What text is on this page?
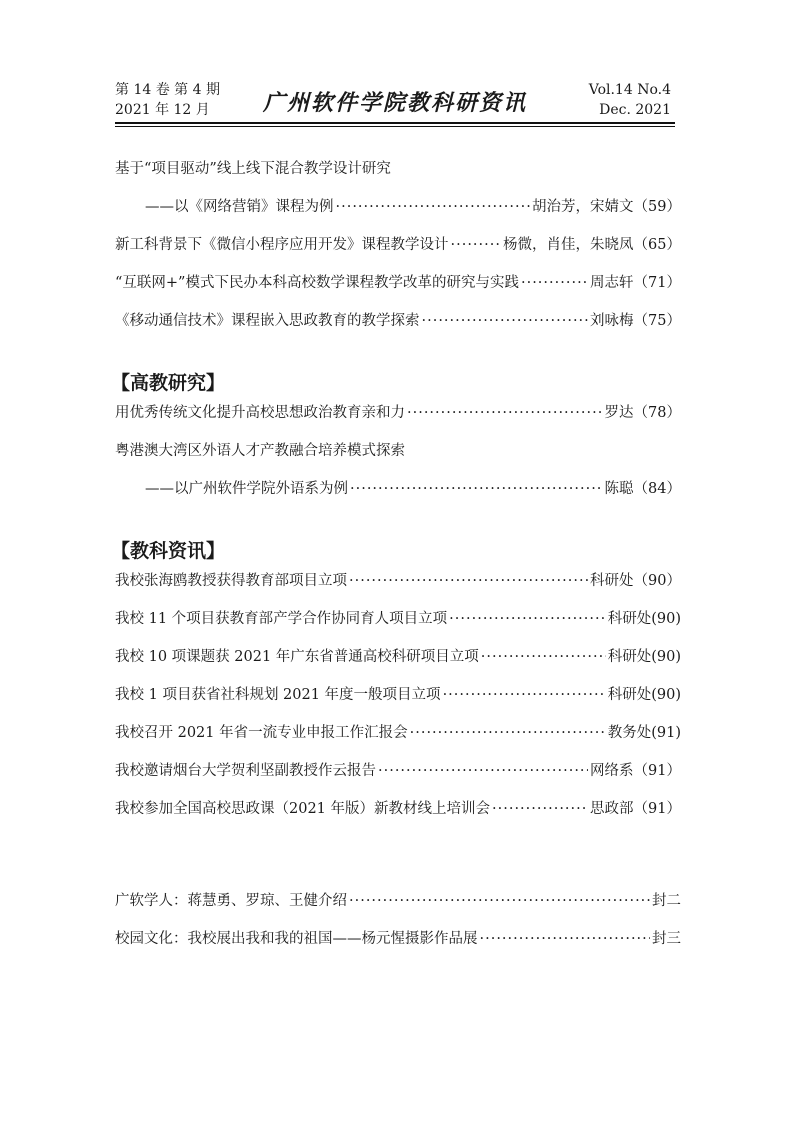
第 14 卷 第 4 期
2021 年 12 月	广州软件学院教科研资讯	Vol.14 No.4
Dec. 2021
基于“项目驱动”线上线下混合教学设计研究
——以《网络营销》课程为例 ·····	胡治芳，宋婧文（59）
新工科背景下《微信小程序应用开发》课程教学设计 ·····	杨微，肖佳，朱晓凤（65）
“互联网+”模式下民办本科高校数学课程教学改革的研究与实践 ·····	周志轩（71）
《移动通信技术》课程嵌入思政教育的教学探索 ·····	刘咏梅（75）
【高教研究】
用优秀传统文化提升高校思想政治教育亲和力 ·····	罗达（78）
粤港澳大湾区外语人才产教融合培养模式探索
——以广州软件学院外语系为例 ·····	陈聪（84）
【教科资讯】
我校张海鸥教授获得教育部项目立项 ·····	科研处（90）
我校 11 个项目获教育部产学合作协同育人项目立项 ·····	科研处(90)
我校 10 项课题获 2021 年广东省普通高校科研项目立项 ·····	科研处(90)
我校 1 项目获省社科规划 2021 年度一般项目立项 ·····	科研处(90)
我校召开 2021 年省一流专业申报工作汇报会 ·····	教务处(91)
我校邀请烟台大学贺利坚副教授作云报告 ·····	网络系（91）
我校参加全国高校思政课（2021 年版）新教材线上培训会 ·····	思政部（91）
广软学人：蒋慧勇、罗琼、王健介绍 ·····	封二
校园文化：我校展出我和我的祖国——杨元惺摄影作品展 ·····	封三
